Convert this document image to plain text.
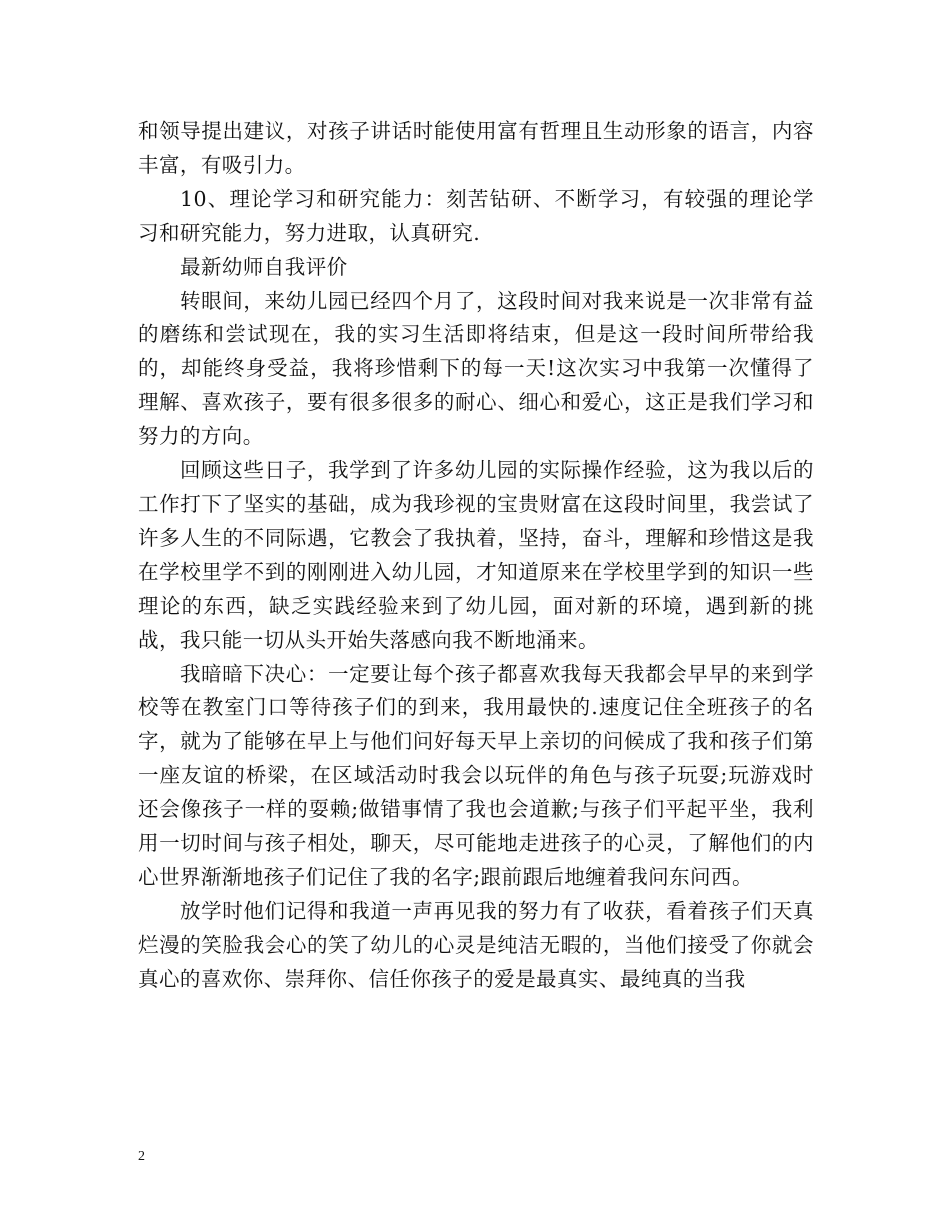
和领导提出建议，对孩子讲话时能使用富有哲理且生动形象的语言，内容丰富，有吸引力。

10、理论学习和研究能力：刻苦钻研、不断学习，有较强的理论学习和研究能力，努力进取，认真研究.

最新幼师自我评价

转眼间，来幼儿园已经四个月了，这段时间对我来说是一次非常有益的磨练和尝试现在，我的实习生活即将结束，但是这一段时间所带给我的，却能终身受益，我将珍惜剩下的每一天!这次实习中我第一次懂得了理解、喜欢孩子，要有很多很多的耐心、细心和爱心，这正是我们学习和努力的方向。

回顾这些日子，我学到了许多幼儿园的实际操作经验，这为我以后的工作打下了坚实的基础，成为我珍视的宝贵财富在这段时间里，我尝试了许多人生的不同际遇，它教会了我执着，坚持，奋斗，理解和珍惜这是我在学校里学不到的刚刚进入幼儿园，才知道原来在学校里学到的知识一些理论的东西，缺乏实践经验来到了幼儿园，面对新的环境，遇到新的挑战，我只能一切从头开始失落感向我不断地涌来。

我暗暗下决心：一定要让每个孩子都喜欢我每天我都会早早的来到学校等在教室门口等待孩子们的到来，我用最快的.速度记住全班孩子的名字，就为了能够在早上与他们问好每天早上亲切的问候成了我和孩子们第一座友谊的桥梁，在区域活动时我会以玩伴的角色与孩子玩耍;玩游戏时还会像孩子一样的耍赖;做错事情了我也会道歉;与孩子们平起平坐，我利用一切时间与孩子相处，聊天，尽可能地走进孩子的心灵，了解他们的内心世界渐渐地孩子们记住了我的名字;跟前跟后地缠着我问东问西。

放学时他们记得和我道一声再见我的努力有了收获，看着孩子们天真烂漫的笑脸我会心的笑了幼儿的心灵是纯洁无暇的，当他们接受了你就会真心的喜欢你、崇拜你、信任你孩子的爱是最真实、最纯真的当我

2
